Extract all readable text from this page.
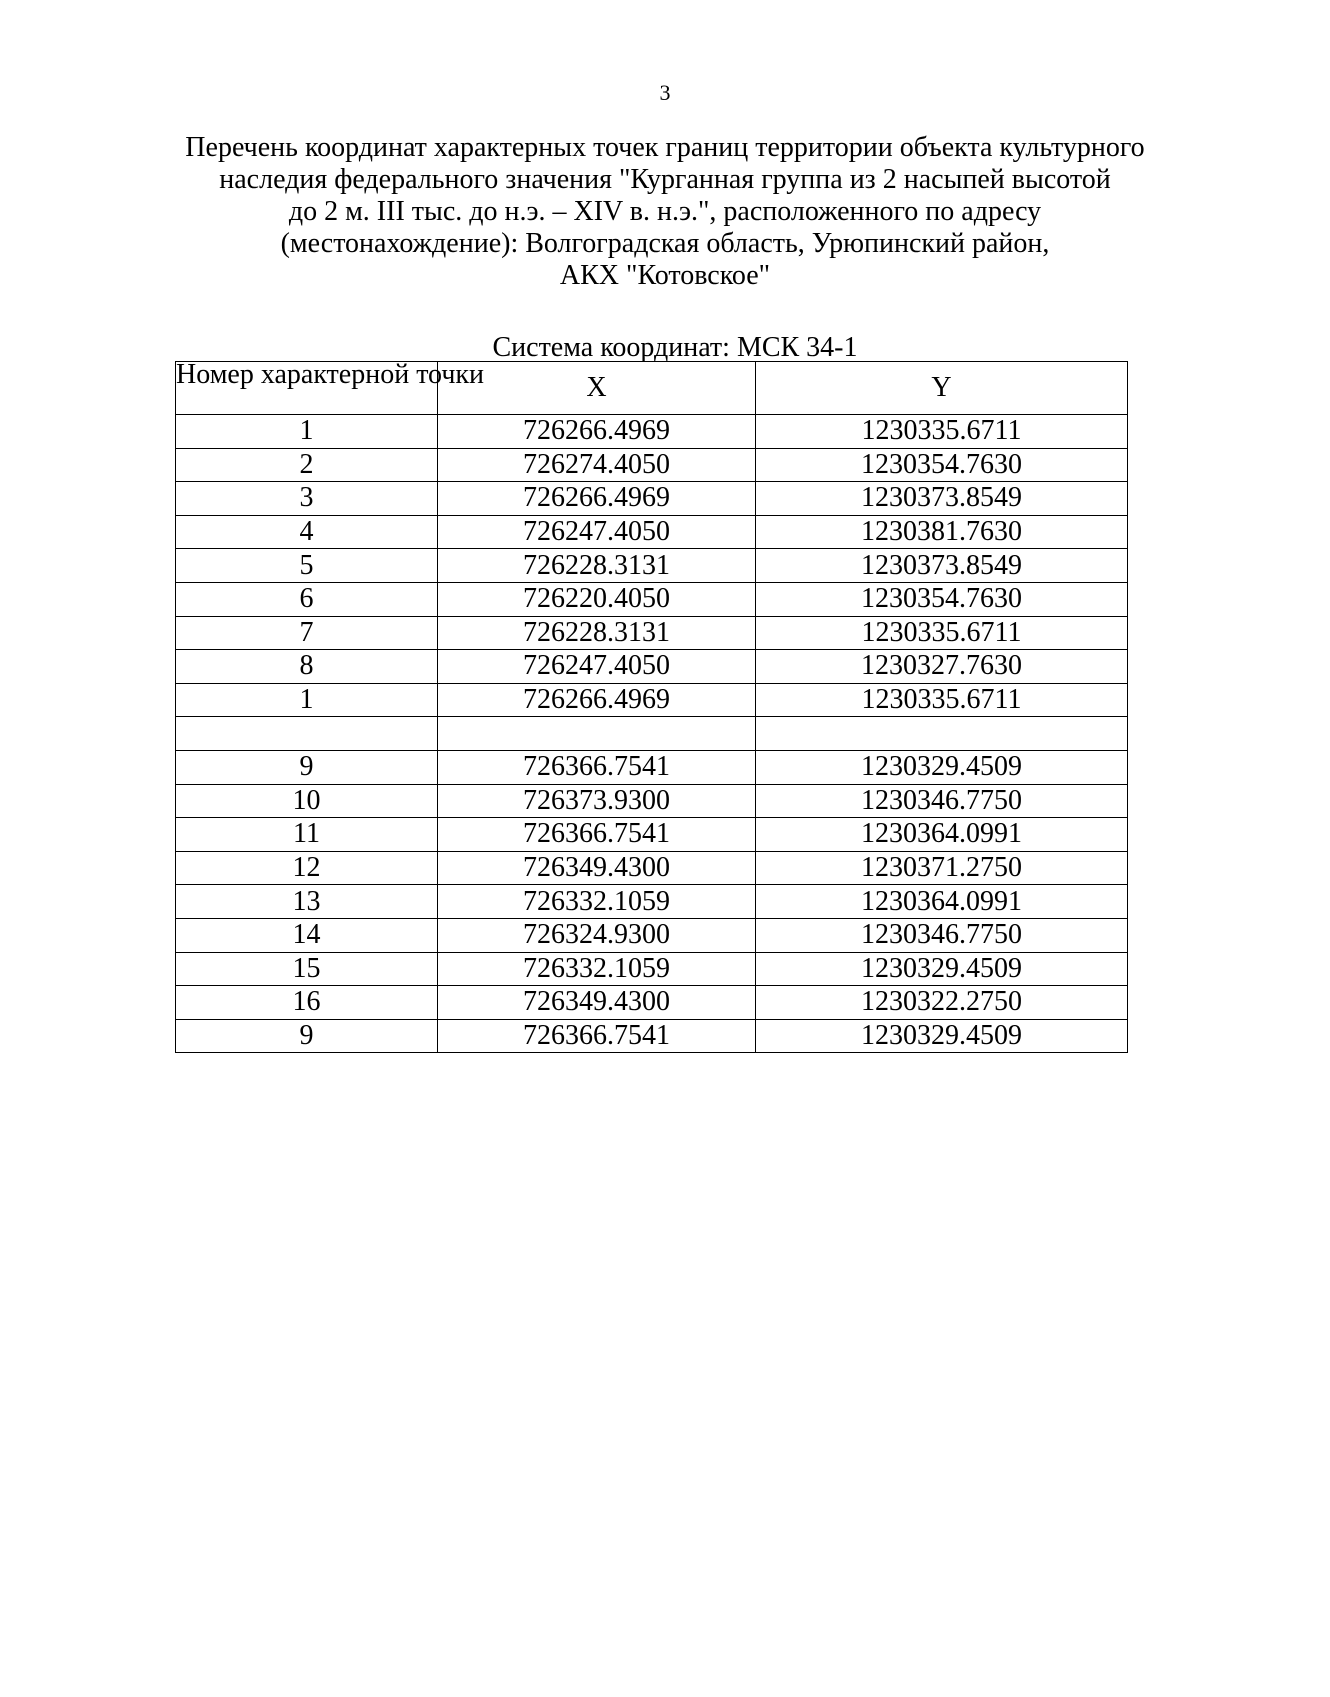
3
Перечень координат характерных точек границ территории объекта культурного
наследия федерального значения "Курганная группа из 2 насыпей высотой
до 2 м. III тыс. до н.э. – XIV в. н.э.", расположенного по адресу
(местонахождение): Волгоградская область, Урюпинский район,
АКХ "Котовское"
Система координат: МСК 34-1
Номер характерной точки	X	Y
1	726266.4969	1230335.6711
2	726274.4050	1230354.7630
3	726266.4969	1230373.8549
4	726247.4050	1230381.7630
5	726228.3131	1230373.8549
6	726220.4050	1230354.7630
7	726228.3131	1230335.6711
8	726247.4050	1230327.7630
1	726266.4969	1230335.6711

9	726366.7541	1230329.4509
10	726373.9300	1230346.7750
11	726366.7541	1230364.0991
12	726349.4300	1230371.2750
13	726332.1059	1230364.0991
14	726324.9300	1230346.7750
15	726332.1059	1230329.4509
16	726349.4300	1230322.2750
9	726366.7541	1230329.4509
